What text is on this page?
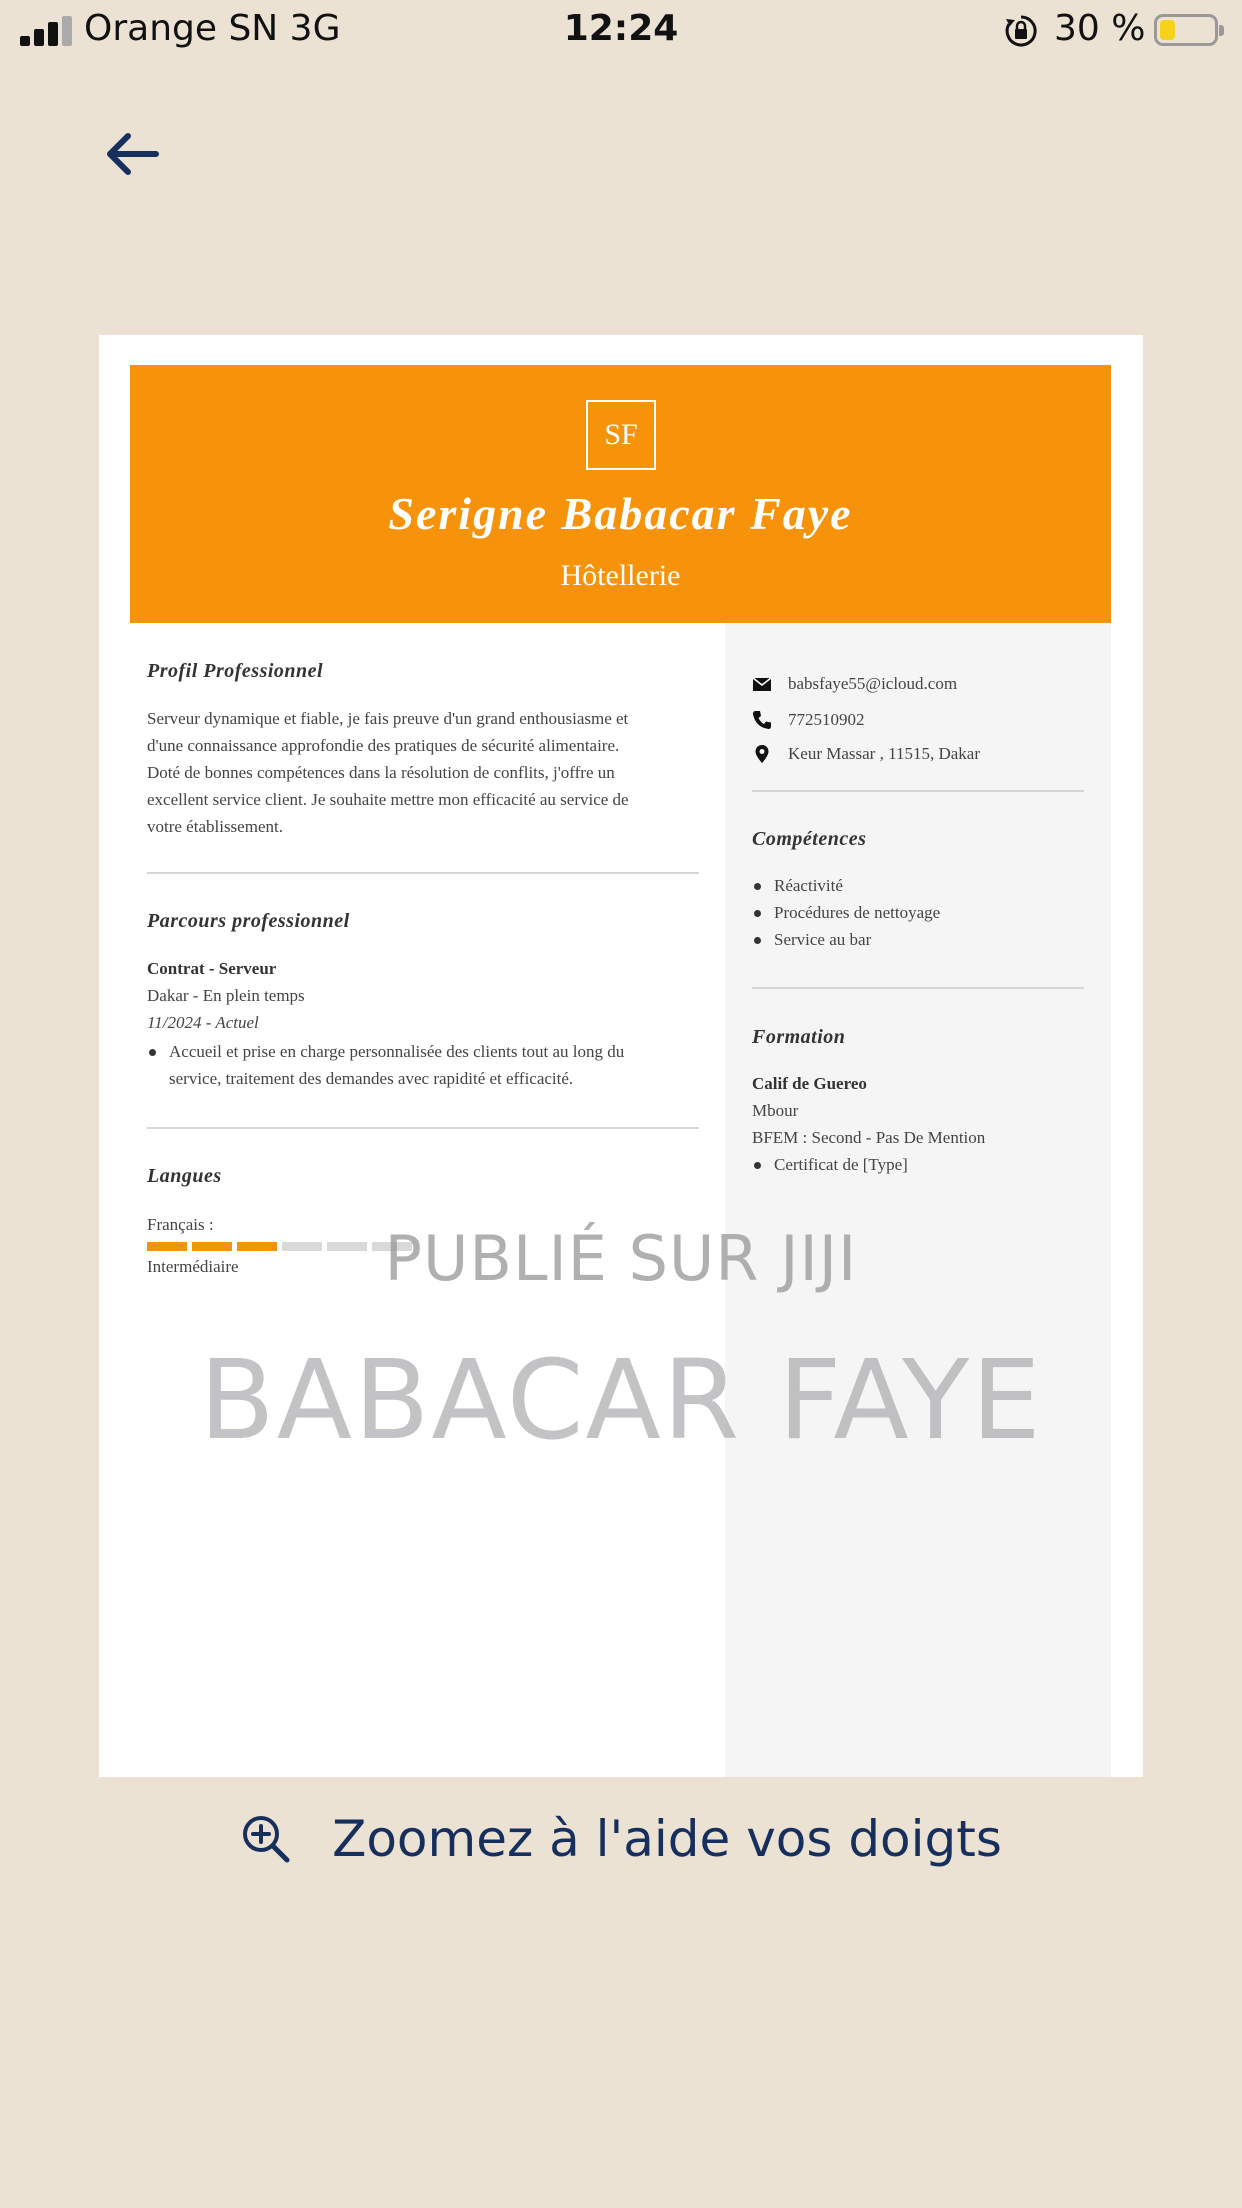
Orange SN 3G	12:24	30 %
SF
Serigne Babacar Faye
Hôtellerie
Profil Professionnel
Serveur dynamique et fiable, je fais preuve d'un grand enthousiasme et
d'une connaissance approfondie des pratiques de sécurité alimentaire.
Doté de bonnes compétences dans la résolution de conflits, j'offre un
excellent service client. Je souhaite mettre mon efficacité au service de
votre établissement.
Parcours professionnel
Contrat - Serveur
Dakar - En plein temps
11/2024 - Actuel
Accueil et prise en charge personnalisée des clients tout au long du
service, traitement des demandes avec rapidité et efficacité.
Langues
Français :
Intermédiaire
babsfaye55@icloud.com
772510902
Keur Massar , 11515, Dakar
Compétences
Réactivité
Procédures de nettoyage
Service au bar
Formation
Calif de Guereo
Mbour
BFEM : Second - Pas De Mention
Certificat de [Type]
PUBLIÉ SUR JIJI
BABACAR FAYE
Zoomez à l'aide vos doigts
